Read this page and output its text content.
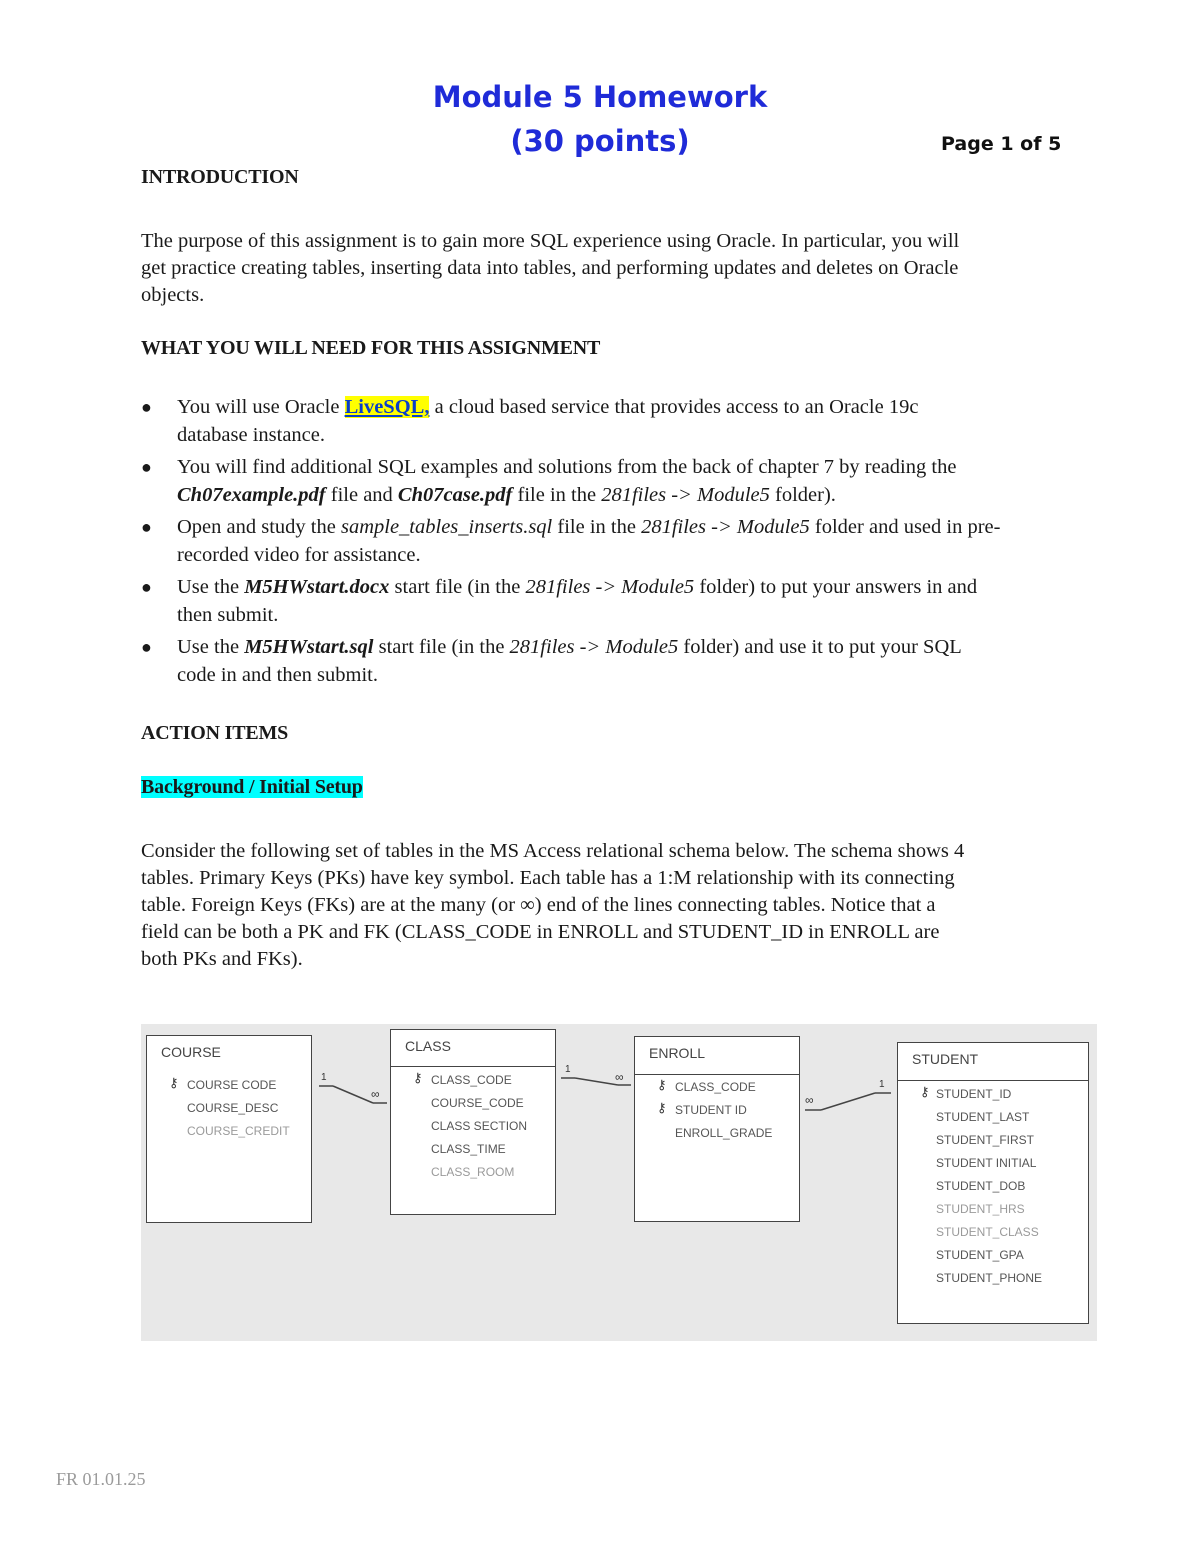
Module 5 Homework
(30 points)	Page 1 of 5
INTRODUCTION
The purpose of this assignment is to gain more SQL experience using Oracle. In particular, you will
get practice creating tables, inserting data into tables, and performing updates and deletes on Oracle
objects.
WHAT YOU WILL NEED FOR THIS ASSIGNMENT
● You will use Oracle LiveSQL, a cloud based service that provides access to an Oracle 19c
database instance.
● You will find additional SQL examples and solutions from the back of chapter 7 by reading the
Ch07example.pdf file and Ch07case.pdf file in the 281files -> Module5 folder).
● Open and study the sample_tables_inserts.sql file in the 281files -> Module5 folder and used in pre-
recorded video for assistance.
● Use the M5HWstart.docx start file (in the 281files -> Module5 folder) to put your answers in and
then submit.
● Use the M5HWstart.sql start file (in the 281files -> Module5 folder) and use it to put your SQL
code in and then submit.
ACTION ITEMS
Background / Initial Setup
Consider the following set of tables in the MS Access relational schema below. The schema shows 4
tables. Primary Keys (PKs) have key symbol. Each table has a 1:M relationship with its connecting
table. Foreign Keys (FKs) are at the many (or ∞) end of the lines connecting tables. Notice that a
field can be both a PK and FK (CLASS_CODE in ENROLL and STUDENT_ID in ENROLL are
both PKs and FKs).
1
∞
1
∞
∞
1
COURSE
⚷ COURSE CODE
COURSE_DESC
COURSE_CREDIT
CLASS
⚷ CLASS_CODE
COURSE_CODE
CLASS SECTION
CLASS_TIME
CLASS_ROOM
ENROLL
⚷
⚷
CLASS_CODE
STUDENT ID
ENROLL_GRADE
STUDENT
⚷ STUDENT_ID
STUDENT_LAST
STUDENT_FIRST
STUDENT INITIAL
STUDENT_DOB
STUDENT_HRS
STUDENT_CLASS
STUDENT_GPA
STUDENT_PHONE
FR 01.01.25
